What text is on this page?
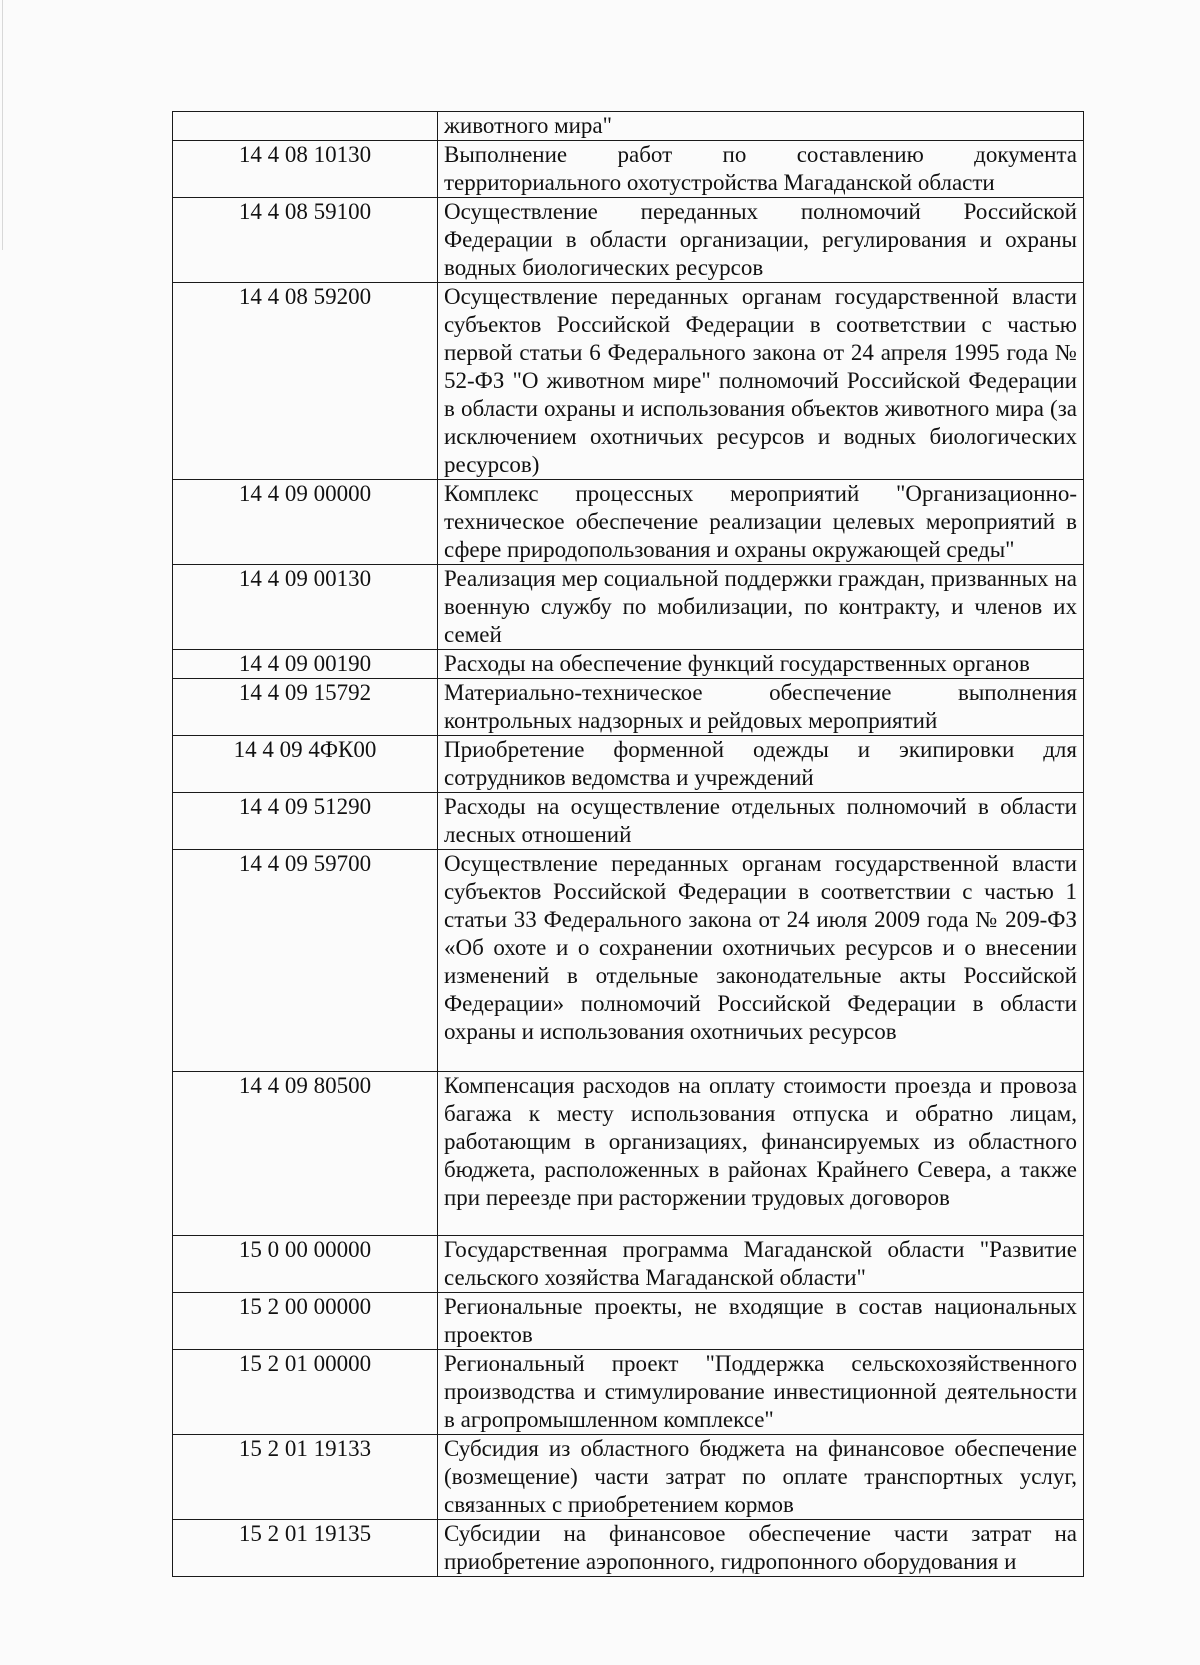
	животного мира"
14 4 08 10130	Выполнение работ по составлению документа территориального охотустройства Магаданской области
14 4 08 59100	Осуществление переданных полномочий Российской Федерации в области организации, регулирования и охраны водных биологических ресурсов
14 4 08 59200	Осуществление переданных органам государственной власти субъектов Российской Федерации в соответствии с частью первой статьи 6 Федерального закона от 24 апреля 1995 года № 52-ФЗ "О животном мире" полномочий Российской Федерации в области охраны и использования объектов животного мира (за исключением охотничьих ресурсов и водных биологических ресурсов)
14 4 09 00000	Комплекс процессных мероприятий "Организационно-техническое обеспечение реализации целевых мероприятий в сфере природопользования и охраны окружающей среды"
14 4 09 00130	Реализация мер социальной поддержки граждан, призванных на военную службу по мобилизации, по контракту, и членов их семей
14 4 09 00190	Расходы на обеспечение функций государственных органов
14 4 09 15792	Материально-техническое обеспечение выполнения контрольных надзорных и рейдовых мероприятий
14 4 09 4ФК00	Приобретение форменной одежды и экипировки для сотрудников ведомства и учреждений
14 4 09 51290	Расходы на осуществление отдельных полномочий в области лесных отношений
14 4 09 59700	Осуществление переданных органам государственной власти субъектов Российской Федерации в соответствии с частью 1 статьи 33 Федерального закона от 24 июля 2009 года № 209-ФЗ «Об охоте и о сохранении охотничьих ресурсов и о внесении изменений в отдельные законодательные акты Российской Федерации» полномочий Российской Федерации в области охраны и использования охотничьих ресурсов
14 4 09 80500	Компенсация расходов на оплату стоимости проезда и провоза багажа к месту использования отпуска и обратно лицам, работающим в организациях, финансируемых из областного бюджета, расположенных в районах Крайнего Севера, а также при переезде при расторжении трудовых договоров
15 0 00 00000	Государственная программа Магаданской области "Развитие сельского хозяйства Магаданской области"
15 2 00 00000	Региональные проекты, не входящие в состав национальных проектов
15 2 01 00000	Региональный проект "Поддержка сельскохозяйственного производства и стимулирование инвестиционной деятельности в агропромышленном комплексе"
15 2 01 19133	Субсидия из областного бюджета на финансовое обеспечение (возмещение) части затрат по оплате транспортных услуг, связанных с приобретением кормов
15 2 01 19135	Субсидии на финансовое обеспечение части затрат на приобретение аэропонного, гидропонного оборудования и
